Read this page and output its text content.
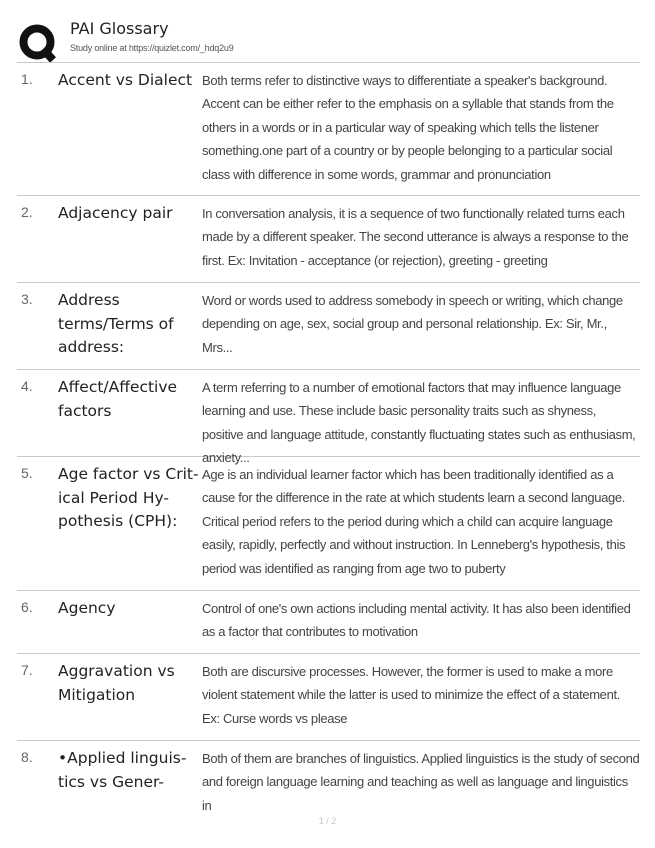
PAI Glossary
Study online at https://quizlet.com/_hdq2u9
1. Accent vs Dialect Both terms refer to distinctive ways to differentiate a speaker's background. Accent can be either refer to the emphasis on a syllable that stands from the others in a words or in a particular way of speaking which tells the listener something.one part of a country or by people belonging to a particular social class with difference in some words, grammar and pronunciation
2. Adjacency pair	In conversation analysis, it is a sequence of two functionally related turns each made by a different speaker. The second utterance is always a response to the first. Ex: Invitation - acceptance (or rejection), greeting - greeting
3. Address terms/Terms of address:
Word or words used to address somebody in speech or writing, which change depending on age, sex, social group and personal relationship. Ex: Sir, Mr., Mrs...
4. Affect/Affective factors
A term referring to a number of emotional factors that may influence language learning and use. These include basic personality traits such as shyness, positive and language attitude, constantly fluctuating states such as enthusiasm, anxiety...
5. Age factor vs Crit-ical Period Hy-pothesis (CPH):
Age is an individual learner factor which has been traditionally identified as a cause for the difference in the rate at which students learn a second language. Critical period refers to the period during which a child can acquire language easily, rapidly, perfectly and without instruction. In Lenneberg's hypothesis, this period was identified as ranging from age two to puberty
6. Agency	Control of one's own actions including mental activity. It has also been identified as a factor that contributes to motivation
7. Aggravation vs Mitigation
Both are discursive processes. However, the former is used to make a more violent statement while the latter is used to minimize the effect of a statement. Ex: Curse words vs please
8. •Applied linguis-tics vs Gener-
Both of them are branches of linguistics. Applied linguistics is the study of second and foreign language learning and teaching as well as language and linguistics in
1 / 2
